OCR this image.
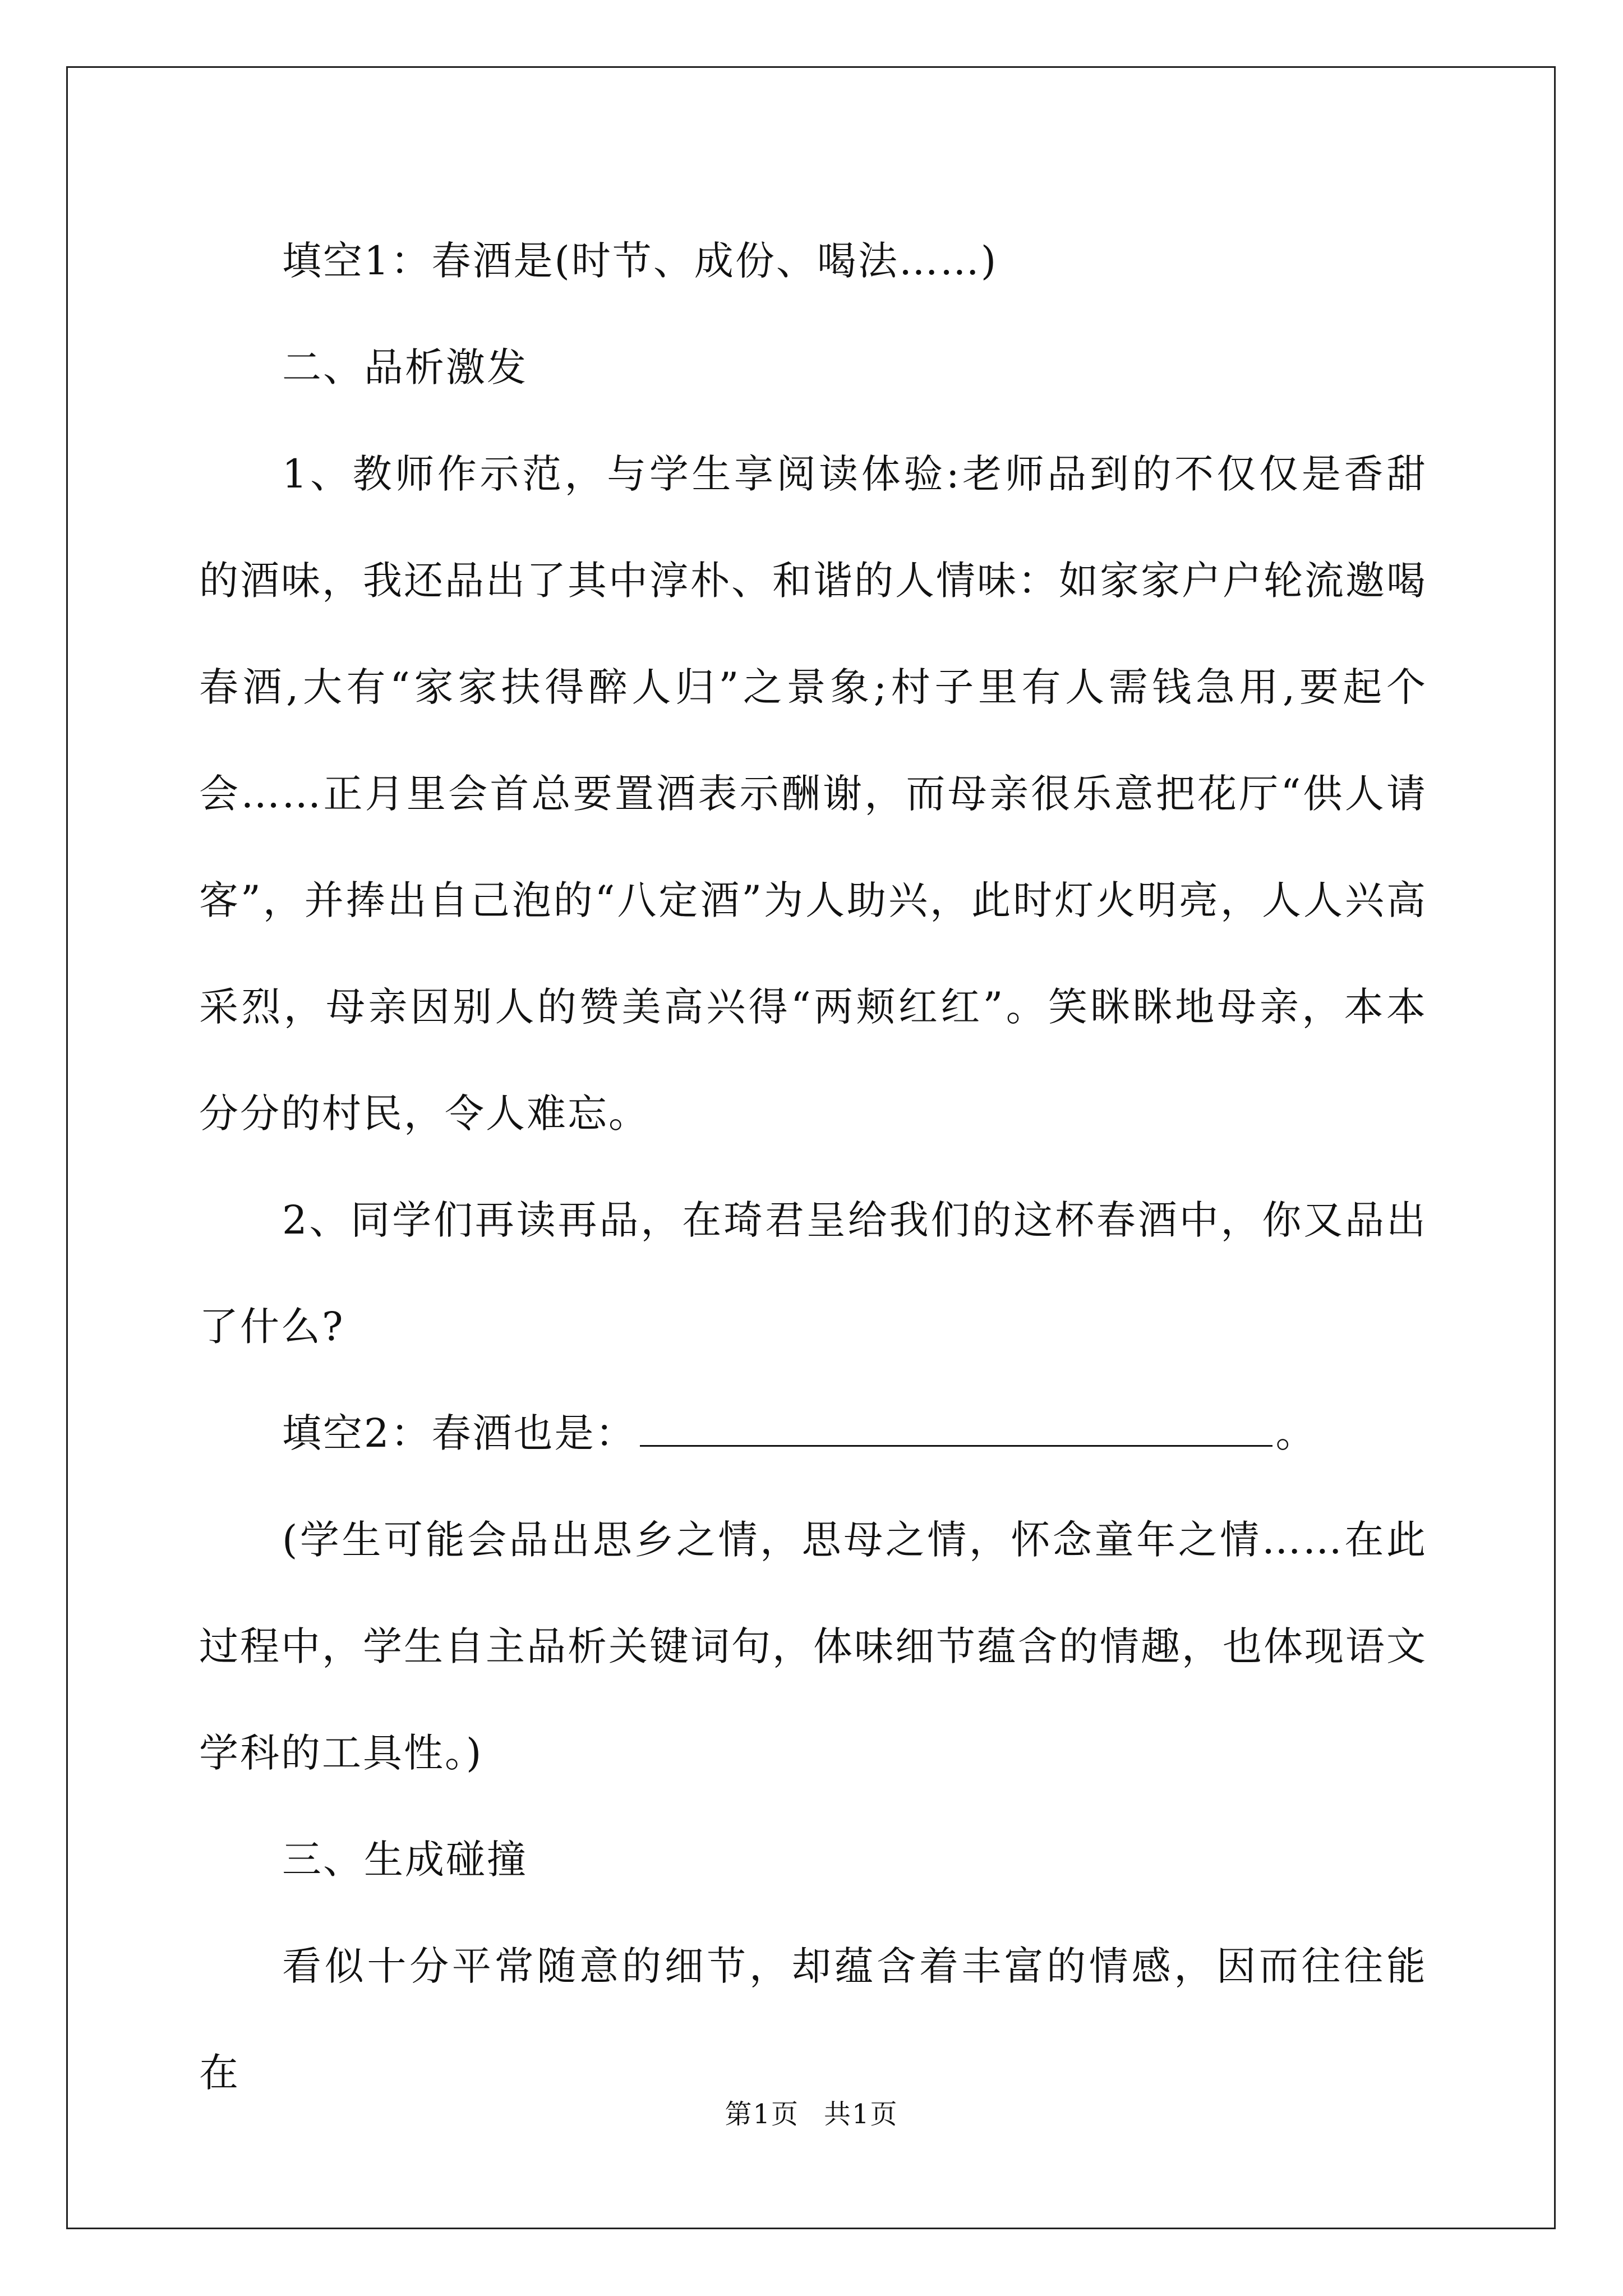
填空1：春酒是(时节、成份、喝法……)

二、品析激发

1、教师作示范，与学生享阅读体验:老师品到的不仅仅是香甜的酒味，我还品出了其中淳朴、和谐的人情味：如家家户户轮流邀喝春酒,大有“家家扶得醉人归”之景象;村子里有人需钱急用,要起个会……正月里会首总要置酒表示酬谢，而母亲很乐意把花厅“供人请客”，并捧出自己泡的“八定酒”为人助兴，此时灯火明亮，人人兴高采烈，母亲因别人的赞美高兴得“两颊红红”。笑眯眯地母亲，本本分分的村民，令人难忘。

2、同学们再读再品，在琦君呈给我们的这杯春酒中，你又品出了什么?

填空2：春酒也是：	。

(学生可能会品出思乡之情，思母之情，怀念童年之情……在此过程中，学生自主品析关键词句，体味细节蕴含的情趣，也体现语文学科的工具性。)

三、生成碰撞

看似十分平常随意的细节，却蕴含着丰富的情感，因而往往能在

第1页 共1页
